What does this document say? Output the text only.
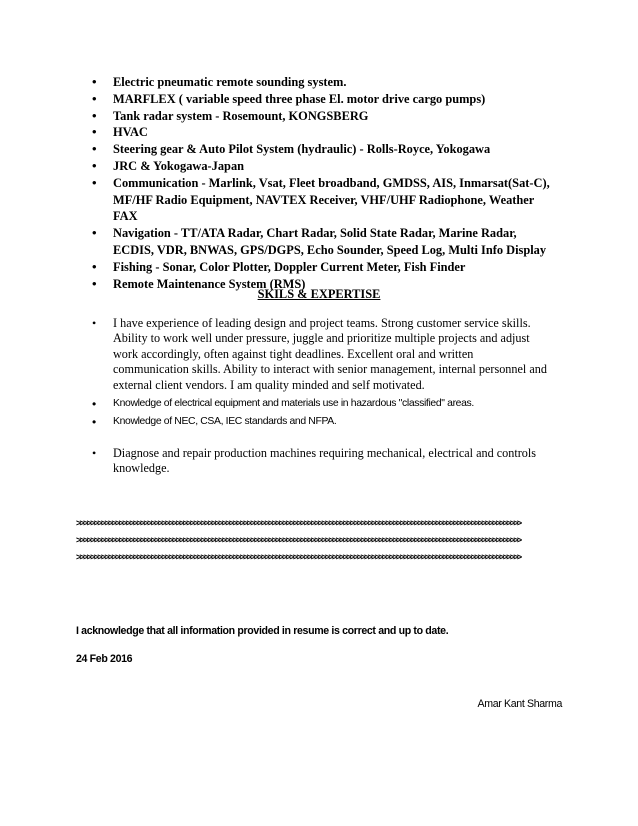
• Electric pneumatic remote sounding system.
• MARFLEX ( variable speed three phase El. motor drive cargo pumps)
• Tank radar system - Rosemount, KONGSBERG
• HVAC
• Steering gear & Auto Pilot System (hydraulic) - Rolls-Royce, Yokogawa
• JRC & Yokogawa-Japan
• Communication - Marlink, Vsat, Fleet broadband, GMDSS, AIS, Inmarsat(Sat-C), MF/HF Radio Equipment, NAVTEX Receiver, VHF/UHF Radiophone, Weather FAX
• Navigation - TT/ATA Radar, Chart Radar, Solid State Radar, Marine Radar, ECDIS, VDR, BNWAS, GPS/DGPS, Echo Sounder, Speed Log, Multi Info Display
• Fishing - Sonar, Color Plotter, Doppler Current Meter, Fish Finder
• Remote Maintenance System (RMS)
SKILS & EXPERTISE
• I have experience of leading design and project teams. Strong customer service skills. Ability to work well under pressure, juggle and prioritize multiple projects and adjust work accordingly, often against tight deadlines. Excellent oral and written communication skills. Ability to interact with senior management, internal personnel and external client vendors. I am quality minded and self motivated.
• Knowledge of electrical equipment and materials use in hazardous "classified" areas.
• Knowledge of NEC, CSA, IEC standards and NFPA.
• Diagnose and repair production machines requiring mechanical, electrical and controls knowledge.
>>>>>>>>>>>>>>>>>>>>>>>>>>>>>>>>>>>>>>>>>>>>>>>>>>>>>>>>>>>>>>>>>>>>>>>>>>>>>>>>>>>>>>>>>>>>>>>>>>>>>>>>>>>>>>>>>>>>>>>>>>>>>
>>>>>>>>>>>>>>>>>>>>>>>>>>>>>>>>>>>>>>>>>>>>>>>>>>>>>>>>>>>>>>>>>>>>>>>>>>>>>>>>>>>>>>>>>>>>>>>>>>>>>>>>>>>>>>>>>>>>>>>>>>>>>
>>>>>>>>>>>>>>>>>>>>>>>>>>>>>>>>>>>>>>>>>>>>>>>>>>>>>>>>>>>>>>>>>>>>>>>>>>>>>>>>>>>>>>>>>>>>>>>>>>>>>>>>>>>>>>>>>>>>>>>>>>>>>
I acknowledge that all information provided in resume is correct and up to date.
24 Feb 2016
Amar Kant Sharma
